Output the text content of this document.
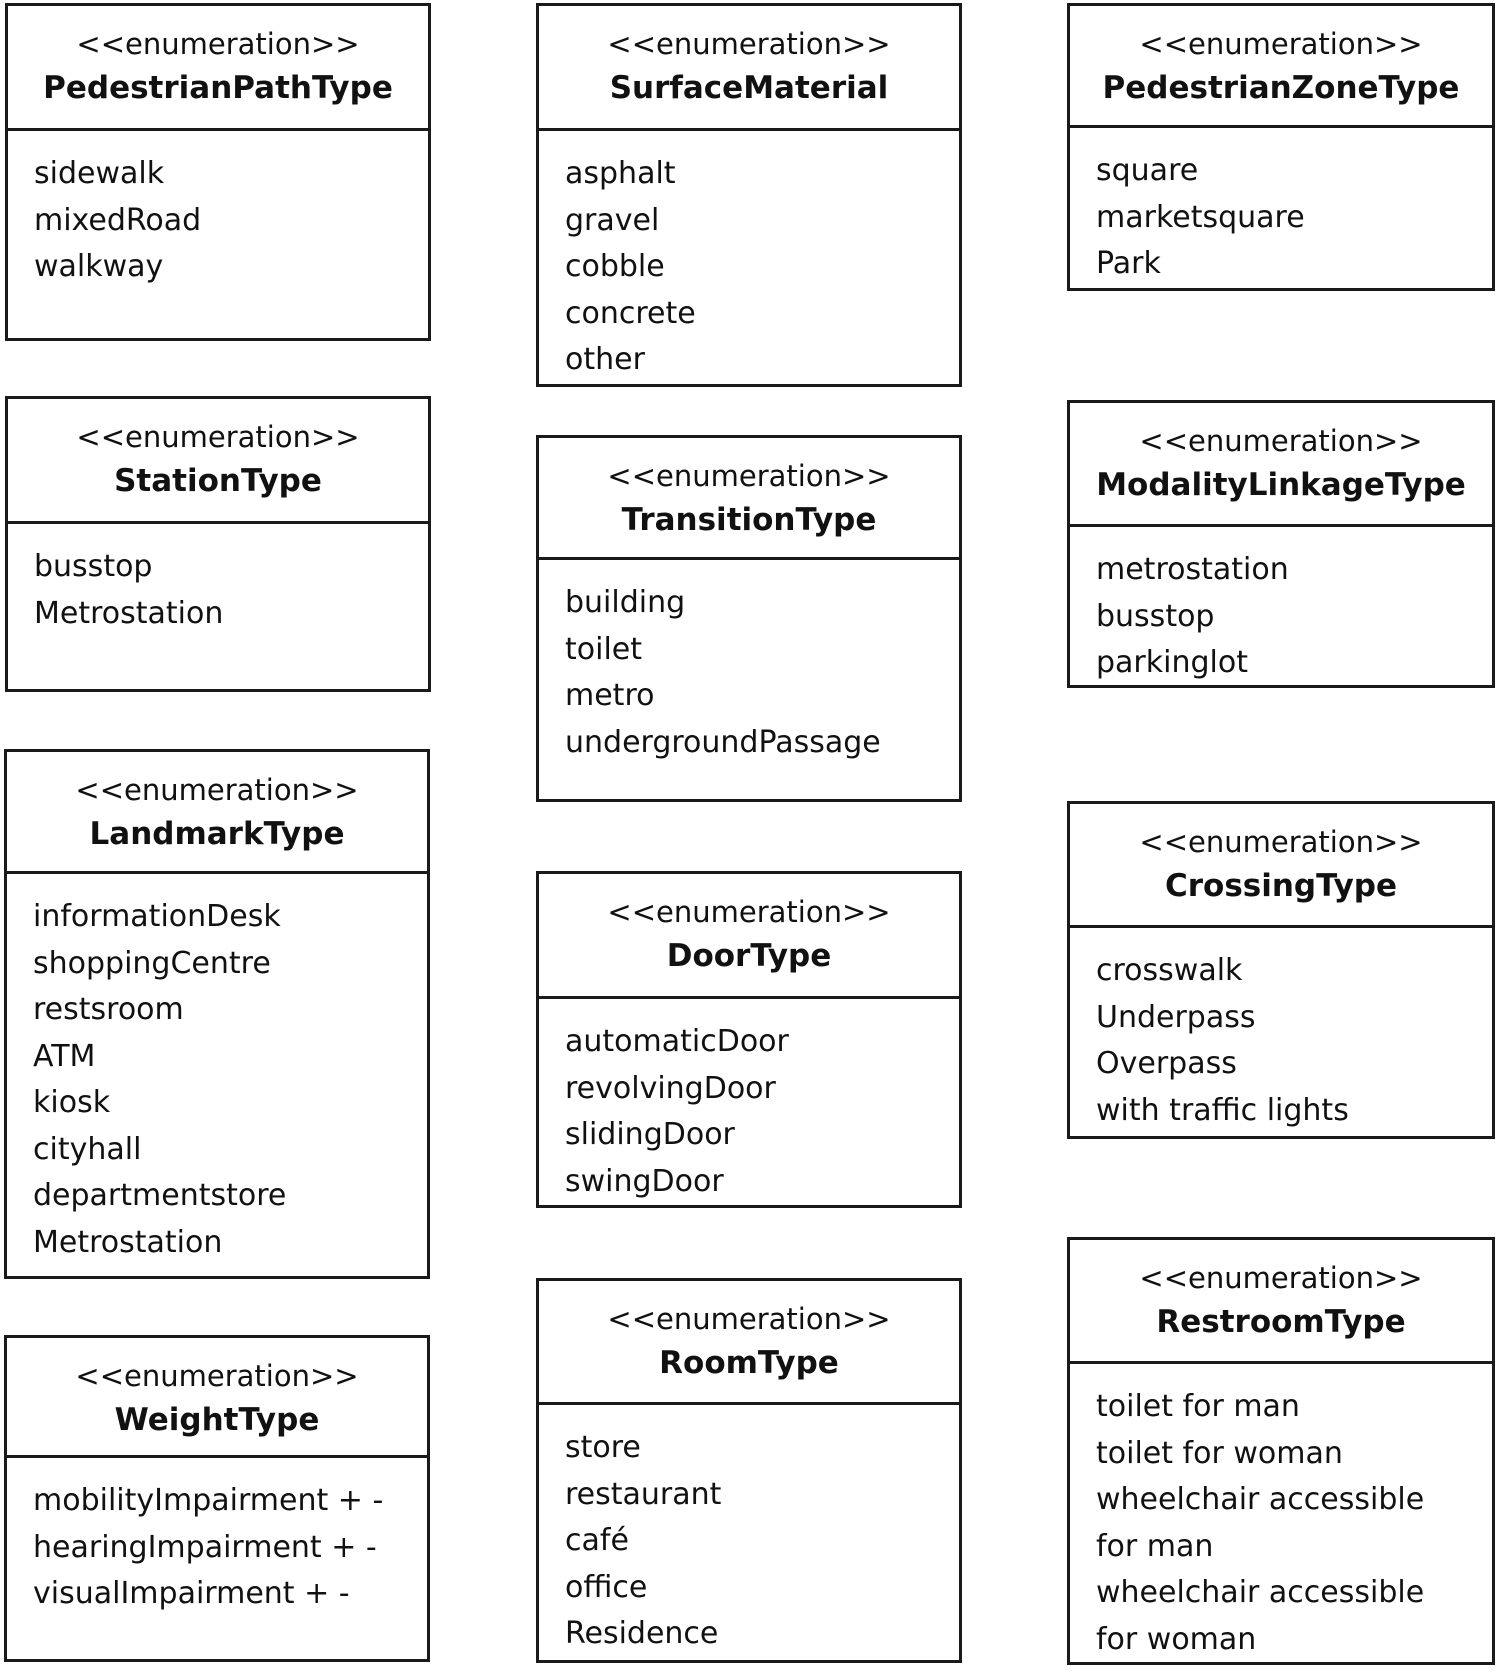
<<enumeration>>
PedestrianPathType
sidewalk
mixedRoad
walkway
<<enumeration>>
StationType
busstop
Metrostation
<<enumeration>>
LandmarkType
informationDesk
shoppingCentre
restsroom
ATM
kiosk
cityhall
departmentstore
Metrostation
<<enumeration>>
WeightType
mobilityImpairment + -
hearingImpairment + -
visualImpairment + -
<<enumeration>>
SurfaceMaterial
asphalt
gravel
cobble
concrete
other
<<enumeration>>
TransitionType
building
toilet
metro
undergroundPassage
<<enumeration>>
DoorType
automaticDoor
revolvingDoor
slidingDoor
swingDoor
<<enumeration>>
RoomType
store
restaurant
café
office
Residence
<<enumeration>>
PedestrianZoneType
square
marketsquare
Park
<<enumeration>>
ModalityLinkageType
metrostation
busstop
parkinglot
<<enumeration>>
CrossingType
crosswalk
Underpass
Overpass
with traffic lights
<<enumeration>>
RestroomType
toilet for man
toilet for woman
wheelchair accessible
for man
wheelchair accessible
for woman
